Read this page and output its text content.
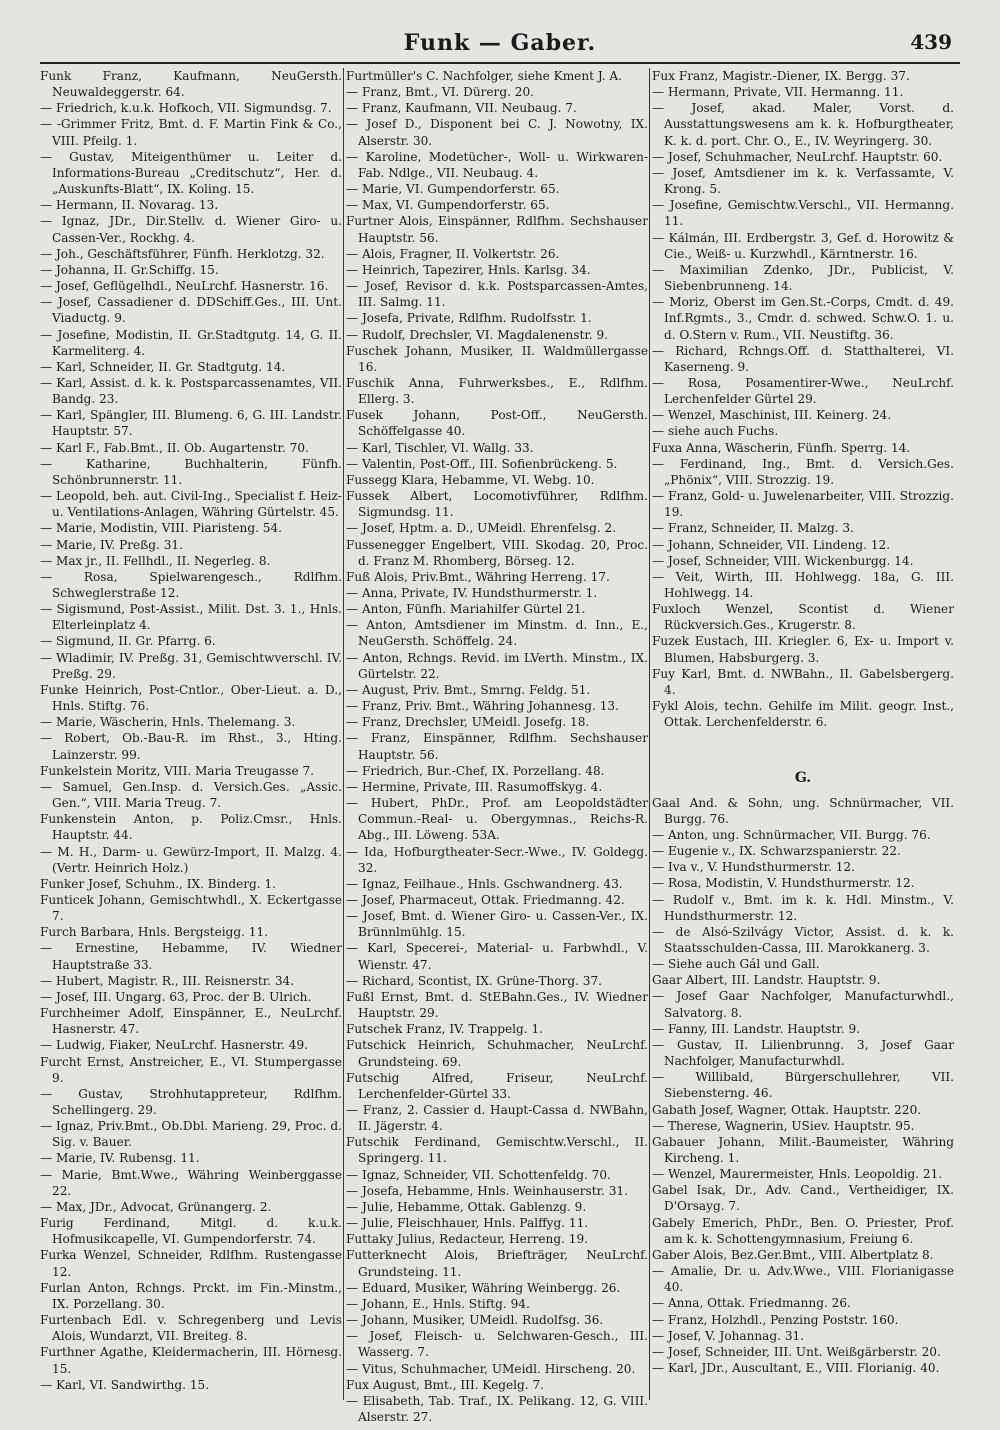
Funk — Gaber.	439

Funk Franz, Kaufmann, NeuGersth. Neuwaldeggerstr. 64.

— Friedrich, k.u.k. Hofkoch, VII. Sigmundsg. 7.

— -Grimmer Fritz, Bmt. d. F. Martin Fink & Co., VIII. Pfeilg. 1.

— Gustav, Miteigenthümer u. Leiter d. Informations-Bureau „Creditschutz“, Her. d. „Auskunfts-Blatt“, IX. Koling. 15.

— Hermann, II. Novarag. 13.

— Ignaz, JDr., Dir.Stellv. d. Wiener Giro- u. Cassen-Ver., Rockhg. 4.

— Joh., Geschäftsführer, Fünfh. Herklotzg. 32.

— Johanna, II. Gr.Schiffg. 15.

— Josef, Geflügelhdl., NeuLrchf. Hasnerstr. 16.

— Josef, Cassadiener d. DDSchiff.Ges., III. Unt. Viaductg. 9.

— Josefine, Modistin, II. Gr.Stadtgutg. 14, G. II. Karmeliterg. 4.

— Karl, Schneider, II. Gr. Stadtgutg. 14.

— Karl, Assist. d. k. k. Postsparcassenamtes, VII. Bandg. 23.

— Karl, Spängler, III. Blumeng. 6, G. III. Landstr. Hauptstr. 57.

— Karl F., Fab.Bmt., II. Ob. Augartenstr. 70.

— Katharine, Buchhalterin, Fünfh. Schönbrunnerstr. 11.

— Leopold, beh. aut. Civil-Ing., Specialist f. Heiz- u. Ventilations-Anlagen, Währing Gürtelstr. 45.

— Marie, Modistin, VIII. Piaristeng. 54.

— Marie, IV. Preßg. 31.

— Max jr., II. Fellhdl., II. Negerleg. 8.

— Rosa, Spielwarengesch., Rdlfhm. Schweglerstraße 12.

— Sigismund, Post-Assist., Milit. Dst. 3. 1., Hnls. Elterleinplatz 4.

— Sigmund, II. Gr. Pfarrg. 6.

— Wladimir, IV. Preßg. 31, Gemischtwverschl. IV. Preßg. 29.

Funke Heinrich, Post-Cntlor., Ober-Lieut. a. D., Hnls. Stiftg. 76.

— Marie, Wäscherin, Hnls. Thelemang. 3.

— Robert, Ob.-Bau-R. im Rhst., 3., Hting. Lainzerstr. 99.

Funkelstein Moritz, VIII. Maria Treugasse 7.

— Samuel, Gen.Insp. d. Versich.Ges. „Assic. Gen.“, VIII. Maria Treug. 7.

Funkenstein Anton, p. Poliz.Cmsr., Hnls. Hauptstr. 44.

— M. H., Darm- u. Gewürz-Import, II. Malzg. 4. (Vertr. Heinrich Holz.)

Funker Josef, Schuhm., IX. Binderg. 1.

Funticek Johann, Gemischtwhdl., X. Eckertgasse 7.

Furch Barbara, Hnls. Bergsteigg. 11.

— Ernestine, Hebamme, IV. Wiedner Hauptstraße 33.

— Hubert, Magistr. R., III. Reisnerstr. 34.

— Josef, III. Ungarg. 63, Proc. der B. Ulrich.

Furchheimer Adolf, Einspänner, E., NeuLrchf. Hasnerstr. 47.

— Ludwig, Fiaker, NeuLrchf. Hasnerstr. 49.

Furcht Ernst, Anstreicher, E., VI. Stumpergasse 9.

— Gustav, Strohhutappreteur, Rdlfhm. Schellingerg. 29.

— Ignaz, Priv.Bmt., Ob.Dbl. Marieng. 29, Proc. d. Sig. v. Bauer.

— Marie, IV. Rubensg. 11.

— Marie, Bmt.Wwe., Währing Weinberggasse 22.

— Max, JDr., Advocat, Grünangerg. 2.

Furig Ferdinand, Mitgl. d. k.u.k. Hofmusikcapelle, VI. Gumpendorferstr. 74.

Furka Wenzel, Schneider, Rdlfhm. Rustengasse 12.

Furlan Anton, Rchngs. Prckt. im Fin.-Minstm., IX. Porzellang. 30.

Furtenbach Edl. v. Schregenberg und Levis Alois, Wundarzt, VII. Breiteg. 8.

Furthner Agathe, Kleidermacherin, III. Hörnesg. 15.

— Karl, VI. Sandwirthg. 15.

Furtmüller's C. Nachfolger, siehe Kment J. A.

— Franz, Bmt., VI. Dürerg. 20.

— Franz, Kaufmann, VII. Neubaug. 7.

— Josef D., Disponent bei C. J. Nowotny, IX. Alserstr. 30.

— Karoline, Modetücher-, Woll- u. Wirkwaren-Fab. Ndlge., VII. Neubaug. 4.

— Marie, VI. Gumpendorferstr. 65.

— Max, VI. Gumpendorferstr. 65.

Furtner Alois, Einspänner, Rdlfhm. Sechshauser Hauptstr. 56.

— Alois, Fragner, II. Volkertstr. 26.

— Heinrich, Tapezirer, Hnls. Karlsg. 34.

— Josef, Revisor d. k.k. Postsparcassen-Amtes, III. Salmg. 11.

— Josefa, Private, Rdlfhm. Rudolfsstr. 1.

— Rudolf, Drechsler, VI. Magdalenenstr. 9.

Fuschek Johann, Musiker, II. Waldmüllergasse 16.

Fuschik Anna, Fuhrwerksbes., E., Rdlfhm. Ellerg. 3.

Fusek Johann, Post-Off., NeuGersth. Schöffelgasse 40.

— Karl, Tischler, VI. Wallg. 33.

— Valentin, Post-Off., III. Sofienbrückeng. 5.

Fussegg Klara, Hebamme, VI. Webg. 10.

Fussek Albert, Locomotivführer, Rdlfhm. Sigmundsg. 11.

— Josef, Hptm. a. D., UMeidl. Ehrenfelsg. 2.

Fussenegger Engelbert, VIII. Skodag. 20, Proc. d. Franz M. Rhomberg, Börseg. 12.

Fuß Alois, Priv.Bmt., Währing Herreng. 17.

— Anna, Private, IV. Hundsthurmerstr. 1.

— Anton, Fünfh. Mariahilfer Gürtel 21.

— Anton, Amtsdiener im Minstm. d. Inn., E., NeuGersth. Schöffelg. 24.

— Anton, Rchngs. Revid. im LVerth. Minstm., IX. Gürtelstr. 22.

— August, Priv. Bmt., Smrng. Feldg. 51.

— Franz, Priv. Bmt., Währing Johannesg. 13.

— Franz, Drechsler, UMeidl. Josefg. 18.

— Franz, Einspänner, Rdlfhm. Sechshauser Hauptstr. 56.

— Friedrich, Bur.-Chef, IX. Porzellang. 48.

— Hermine, Private, III. Rasumoffskyg. 4.

— Hubert, PhDr., Prof. am Leopoldstädter Commun.-Real- u. Obergymnas., Reichs-R. Abg., III. Löweng. 53A.

— Ida, Hofburgtheater-Secr.-Wwe., IV. Goldegg. 32.

— Ignaz, Feilhaue., Hnls. Gschwandnerg. 43.

— Josef, Pharmaceut, Ottak. Friedmanng. 42.

— Josef, Bmt. d. Wiener Giro- u. Cassen-Ver., IX. Brünnlmühlg. 15.

— Karl, Specerei-, Material- u. Farbwhdl., V. Wienstr. 47.

— Richard, Scontist, IX. Grüne-Thorg. 37.

Fußl Ernst, Bmt. d. StEBahn.Ges., IV. Wiedner Hauptstr. 29.

Futschek Franz, IV. Trappelg. 1.

Futschick Heinrich, Schuhmacher, NeuLrchf. Grundsteing. 69.

Futschig Alfred, Friseur, NeuLrchf. Lerchenfelder-Gürtel 33.

— Franz, 2. Cassier d. Haupt-Cassa d. NWBahn, II. Jägerstr. 4.

Futschik Ferdinand, Gemischtw.Verschl., II. Springerg. 11.

— Ignaz, Schneider, VII. Schottenfeldg. 70.

— Josefa, Hebamme, Hnls. Weinhauserstr. 31.

— Julie, Hebamme, Ottak. Gablenzg. 9.

— Julie, Fleischhauer, Hnls. Palffyg. 11.

Futtaky Julius, Redacteur, Herreng. 19.

Futterknecht Alois, Briefträger, NeuLrchf. Grundsteing. 11.

— Eduard, Musiker, Währing Weinbergg. 26.

— Johann, E., Hnls. Stiftg. 94.

— Johann, Musiker, UMeidl. Rudolfsg. 36.

— Josef, Fleisch- u. Selchwaren-Gesch., III. Wasserg. 7.

— Vitus, Schuhmacher, UMeidl. Hirscheng. 20.

Fux August, Bmt., III. Kegelg. 7.

— Elisabeth, Tab. Traf., IX. Pelikang. 12, G. VIII. Alserstr. 27.

Fux Franz, Magistr.-Diener, IX. Bergg. 37.

— Hermann, Private, VII. Hermanng. 11.

— Josef, akad. Maler, Vorst. d. Ausstattungswesens am k. k. Hofburgtheater, K. k. d. port. Chr. O., E., IV. Weyringerg. 30.

— Josef, Schuhmacher, NeuLrchf. Hauptstr. 60.

— Josef, Amtsdiener im k. k. Verfassamte, V. Krong. 5.

— Josefine, Gemischtw.Verschl., VII. Hermanng. 11.

— Kálmán, III. Erdbergstr. 3, Gef. d. Horowitz & Cie., Weiß- u. Kurzwhdl., Kärntnerstr. 16.

— Maximilian Zdenko, JDr., Publicist, V. Siebenbrunneng. 14.

— Moriz, Oberst im Gen.St.-Corps, Cmdt. d. 49. Inf.Rgmts., 3., Cmdr. d. schwed. Schw.O. 1. u. d. O.Stern v. Rum., VII. Neustiftg. 36.

— Richard, Rchngs.Off. d. Statthalterei, VI. Kaserneng. 9.

— Rosa, Posamentirer-Wwe., NeuLrchf. Lerchenfelder Gürtel 29.

— Wenzel, Maschinist, III. Keinerg. 24.

— siehe auch Fuchs.

Fuxa Anna, Wäscherin, Fünfh. Sperrg. 14.

— Ferdinand, Ing., Bmt. d. Versich.Ges. „Phönix“, VIII. Strozzig. 19.

— Franz, Gold- u. Juwelenarbeiter, VIII. Strozzig. 19.

— Franz, Schneider, II. Malzg. 3.

— Johann, Schneider, VII. Lindeng. 12.

— Josef, Schneider, VIII. Wickenburgg. 14.

— Veit, Wirth, III. Hohlwegg. 18a, G. III. Hohlwegg. 14.

Fuxloch Wenzel, Scontist d. Wiener Rückversich.Ges., Krugerstr. 8.

Fuzek Eustach, III. Kriegler. 6, Ex- u. Import v. Blumen, Habsburgerg. 3.

Fuy Karl, Bmt. d. NWBahn., II. Gabelsbergerg. 4.

Fykl Alois, techn. Gehilfe im Milit. geogr. Inst., Ottak. Lerchenfelderstr. 6.

G.

Gaal And. & Sohn, ung. Schnürmacher, VII. Burgg. 76.

— Anton, ung. Schnürmacher, VII. Burgg. 76.

— Eugenie v., IX. Schwarzspanierstr. 22.

— Iva v., V. Hundsthurmerstr. 12.

— Rosa, Modistin, V. Hundsthurmerstr. 12.

— Rudolf v., Bmt. im k. k. Hdl. Minstm., V. Hundsthurmerstr. 12.

— de Alsó-Szilvágy Victor, Assist. d. k. k. Staatsschulden-Cassa, III. Marokkanerg. 3.

— Siehe auch Gál und Gall.

Gaar Albert, III. Landstr. Hauptstr. 9.

— Josef Gaar Nachfolger, Manufacturwhdl., Salvatorg. 8.

— Fanny, III. Landstr. Hauptstr. 9.

— Gustav, II. Lilienbrunng. 3, Josef Gaar Nachfolger, Manufacturwhdl.

— Willibald, Bürgerschullehrer, VII. Siebensterng. 46.

Gabath Josef, Wagner, Ottak. Hauptstr. 220.

— Therese, Wagnerin, USiev. Hauptstr. 95.

Gabauer Johann, Milit.-Baumeister, Währing Kircheng. 1.

— Wenzel, Maurermeister, Hnls. Leopoldig. 21.

Gabel Isak, Dr., Adv. Cand., Vertheidiger, IX. D'Orsayg. 7.

Gabely Emerich, PhDr., Ben. O. Priester, Prof. am k. k. Schottengymnasium, Freiung 6.

Gaber Alois, Bez.Ger.Bmt., VIII. Albertplatz 8.

— Amalie, Dr. u. Adv.Wwe., VIII. Florianigasse 40.

— Anna, Ottak. Friedmanng. 26.

— Franz, Holzhdl., Penzing Poststr. 160.

— Josef, V. Johannag. 31.

— Josef, Schneider, III. Unt. Weißgärberstr. 20.

— Karl, JDr., Auscultant, E., VIII. Florianig. 40.
